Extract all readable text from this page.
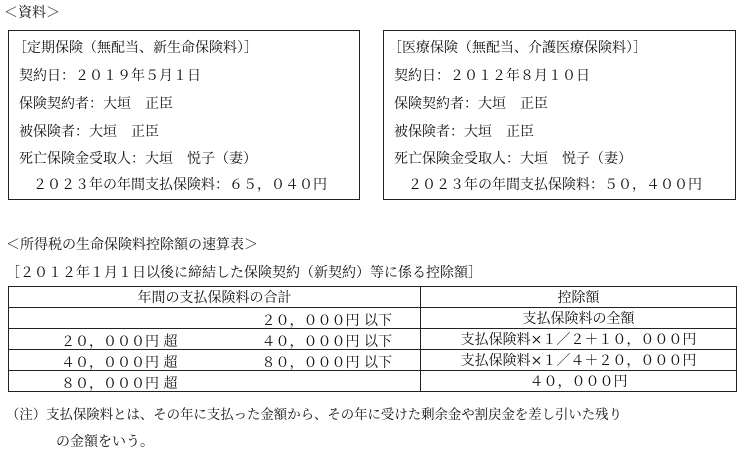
＜資料＞
［定期保険（無配当、新生命保険料）］
契約日：２０１９年５月１日
保険契約者：大垣　正臣
被保険者：大垣　正臣
死亡保険金受取人：大垣　悦子（妻）
２０２３年の年間支払保険料：６５，０４０円
［医療保険（無配当、介護医療保険料）］
契約日：２０１２年８月１０日
保険契約者：大垣　正臣
被保険者：大垣　正臣
死亡保険金受取人：大垣　悦子（妻）
２０２３年の年間支払保険料：５０，４００円
＜所得税の生命保険料控除額の速算表＞
［２０１２年１月１日以後に締結した保険契約（新契約）等に係る控除額］
年間の支払保険料の合計	控除額

２０，０００円 以下	支払保険料の全額

２０，０００円 超 ４０，０００円 以下	支払保険料×１／２＋１０，０００円

４０，０００円 超 ８０，０００円 以下	支払保険料×１／４＋２０，０００円

８０，０００円 超	４０，０００円
（注）支払保険料とは、その年に支払った金額から、その年に受けた剰余金や割戻金を差し引いた残り
の金額をいう。
